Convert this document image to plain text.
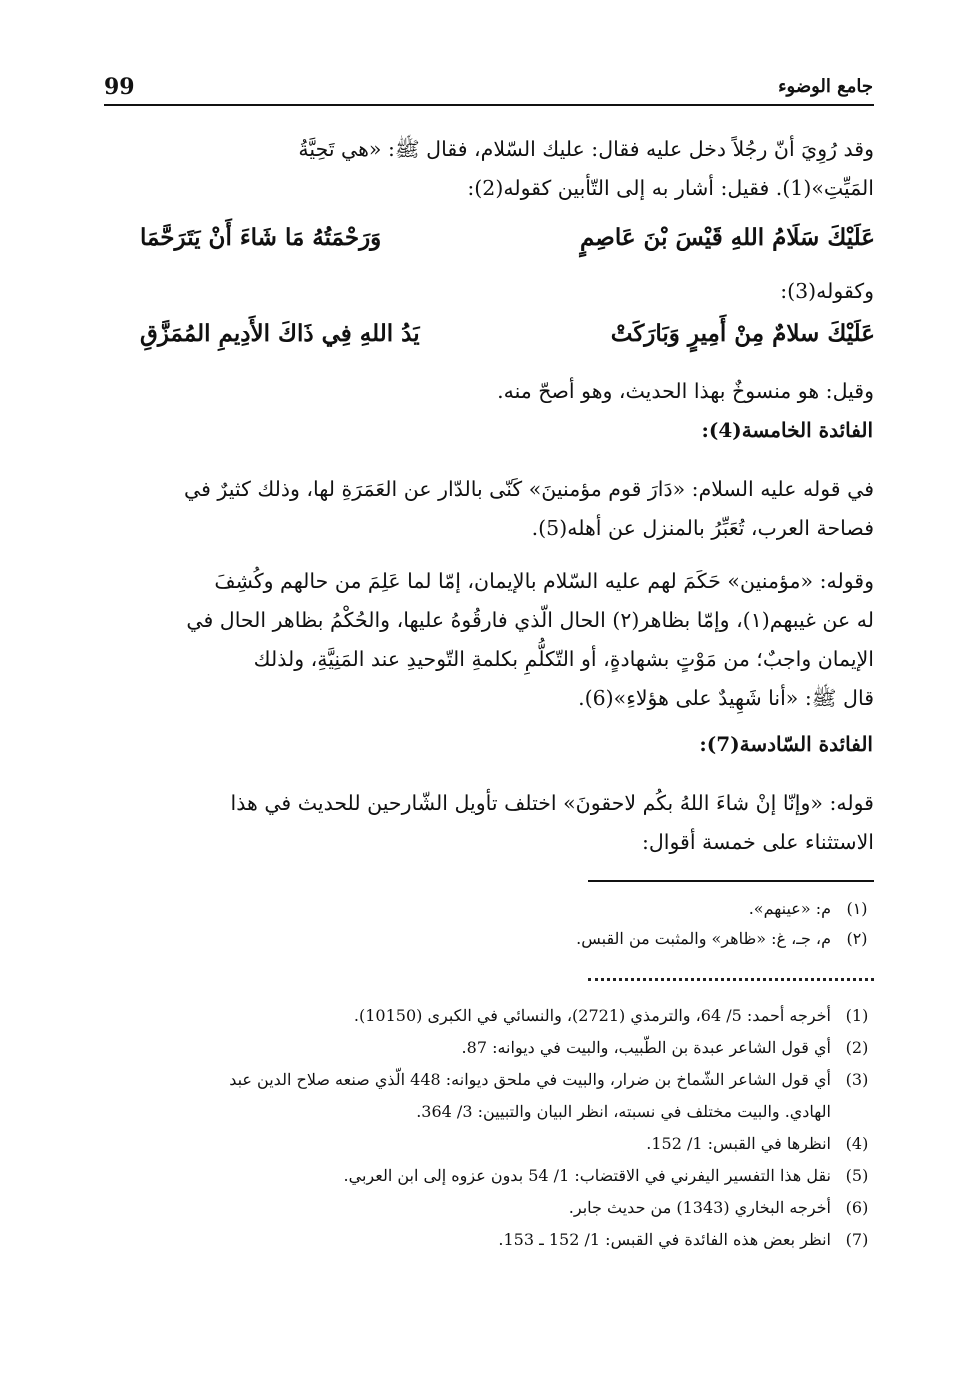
99	جامع الوضوء
وقد رُوِيَ أنّ رجُلاً دخل عليه فقال: عليك السّلام، فقال ﷺ: «هي تَحِيَّةُ
المَيِّتِ»(1). فقيل: أشار به إلى التّأبين كقوله(2):
عَلَيْكَ سَلَامُ اللهِ قَيْسَ بْنَ عَاصِمٍ
وَرَحْمَتُهُ مَا شَاءَ أَنْ يَتَرَحَّمَا
وكقوله(3):
عَلَيْكَ سلامٌ مِنْ أَمِيرٍ وَبَارَكَتْ
يَدُ اللهِ فِي ذَاكَ الأَدِيمِ المُمَزَّقِ
وقيل: هو منسوخٌ بهذا الحديث، وهو أصحّ منه.
الفائدة الخامسة(4):
في قوله عليه السلام: «دَارَ قوم مؤمنينَ» كَنّى بالدّار عن العَمَرَةِ لها، وذلك كثيرٌ في
فصاحة العرب، تُعَبِّرُ بالمنزل عن أهله(5).
وقوله: «مؤمنين» حَكَمَ لهم عليه السّلام بالإيمان، إمّا لما عَلِمَ من حالهم وكُشِفَ
له عن غيبهم(١)، وإمّا بظاهر(٢) الحال الّذي فارقُوهُ عليها، والحُكْمُ بظاهر الحال في
الإيمان واجبٌ؛ من مَوْتٍ بشهادةٍ، أو التّكلُّمِ بكلمةِ التّوحيدِ عند المَنِيَّةِ، ولذلك
قال ﷺ: «أنا شَهِيدٌ على هؤلاءِ»(6).
الفائدة السّادسة(7):
قوله: «وإنّا إنْ شاءَ اللهُ بكُم لاحقونَ» اختلف تأويل الشّارحين للحديث في هذا
الاستثناء على خمسة أقوال:
(١)
م: «عينهم».
(٢)
م، جـ، غ: «ظاهر» والمثبت من القبس.
(1)
أخرجه أحمد: 5/ 64، والترمذي (2721)، والنسائي في الكبرى (10150).
(2)
أي قول الشاعر عبدة بن الطّبيب، والبيت في ديوانه: 87.
(3)
أي قول الشاعر الشّماخ بن ضرار، والبيت في ملحق ديوانه: 448 الّذي صنعه صلاح الدين عبد
الهادي. والبيت مختلف في نسبته، انظر البيان والتبيين: 3/ 364.
(4)
انظرها في القبس: 1/ 152.
(5)
نقل هذا التفسير اليفرني في الاقتضاب: 1/ 54 بدون عزوه إلى ابن العربي.
(6)
أخرجه البخاري (1343) من حديث جابر.
(7)
انظر بعض هذه الفائدة في القبس: 1/ 152 ـ 153.
